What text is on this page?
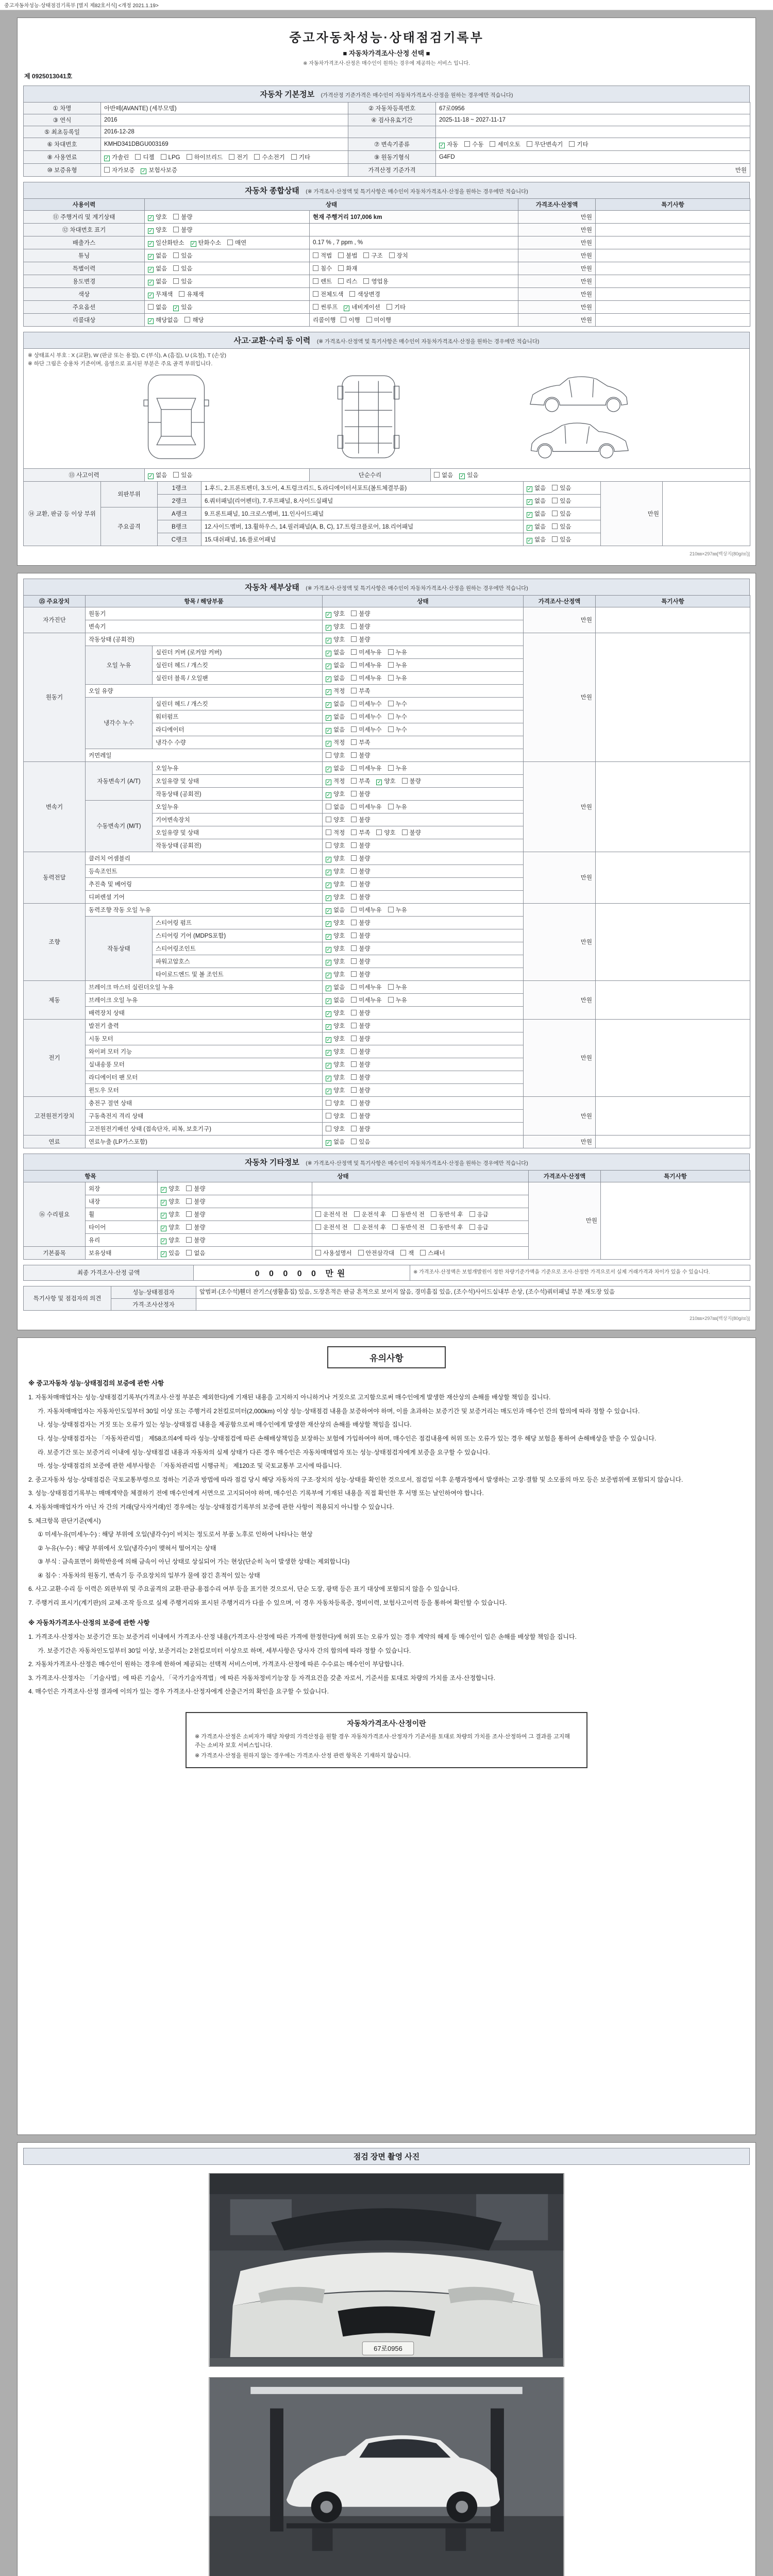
중고자동차성능·상태점검기록부 [별지 제82호서식] <개정 2021.1.19>
중고자동차성능·상태점검기록부
■ 자동차가격조사·산정 선택 ■
※ 자동차가격조사·산정은 매수인이 원하는 경우에 제공하는 서비스 입니다.
제 0925013041호
자동차 기본정보 (가격산정 기준가격은 매수인이 자동차가격조사·산정을 원하는 경우에만 적습니다)
① 차명	아반떼(AVANTE) (세부모델)	② 자동차등록번호	67로0956
③ 연식	2016	④ 검사유효기간	2025-11-18 ~ 2027-11-17
⑤ 최초등록일	2016-12-28		
⑥ 차대번호	KMHD341DBGU003169	⑦ 변속기종류	✓ 자동 수동 세미오토 무단변속기 기타
⑧ 사용연료	✓ 가솔린 디젤 LPG 하이브리드 전기 수소전기 기타	⑨ 원동기형식	G4FD
⑩ 보증유형	자가보증 ✓ 보험사보증	가격산정 기준가격	만원
자동차 종합상태 (※ 가격조사·산정액 및 특기사항은 매수인이 자동차가격조사·산정을 원하는 경우에만 적습니다)
사용이력	상태		가격조사·산정액	특기사항
⑪ 주행거리 및 계기상태	✓ 양호 불량	현재 주행거리 107,006 km	만원	
⑫ 차대번호 표기	✓ 양호 불량		만원	
배출가스	✓ 일산화탄소 ✓ 탄화수소 매연	0.17 % , 7 ppm , %	만원	
튜닝	✓ 없음 있음	적법 불법 구조 장치	만원	
특별이력	✓ 없음 있음	침수 화재	만원	
용도변경	✓ 없음 있음	렌트 리스 영업용	만원	
색상	✓ 무채색 유채색	전체도색 색상변경	만원	
주요옵션	없음 ✓ 있음	썬루프 ✓ 네비게이션 기타	만원	
리콜대상	✓ 해당없음 해당	리콜이행 이행 미이행	만원	
사고·교환·수리 등 이력 (※ 가격조사·산정액 및 특기사항은 매수인이 자동차가격조사·산정을 원하는 경우에만 적습니다)
※ 상태표시 부호 : X (교환), W (판금 또는 용접), C (부식), A (흠집), U (요철), T (손상)
※ 하단 그림은 승용차 기준이며, 음영으로 표시된 부분은 주요 골격 부위입니다.
⑬ 사고이력	✓ 없음 있음	단순수리	없음 ✓ 있음
⑭ 교환, 판금 등 이상 부위	외판부위	1랭크	1.후드, 2.프론트펜더, 3.도어, 4.트렁크리드, 5.라디에이터서포트(볼트체결부품)	✓ 없음 있음	만원	
		2랭크	6.쿼터패널(리어펜더), 7.루프패널, 8.사이드실패널	✓ 없음 있음		
	주요골격	A랭크	9.프론트패널, 10.크로스멤버, 11.인사이드패널	✓ 없음 있음		
		B랭크	12.사이드멤버, 13.휠하우스, 14.필러패널(A, B, C), 17.트렁크플로어, 18.리어패널	✓ 없음 있음		
		C랭크	15.대쉬패널, 16.플로어패널	✓ 없음 있음		
210㎜×297㎜[백상지(80g/㎡)]
자동차 세부상태 (※ 가격조사·산정액 및 특기사항은 매수인이 자동차가격조사·산정을 원하는 경우에만 적습니다)
⑮ 주요장치	항목 / 해당부품		상태	가격조사·산정액	특기사항
자가진단	원동기		✓ 양호 불량	만원	
	변속기		✓ 양호 불량		
원동기	작동상태 (공회전)		✓ 양호 불량	만원	
	오일 누유	실린더 커버 (로커암 커버)	✓ 없음 미세누유 누유		
		실린더 헤드 / 개스킷	✓ 없음 미세누유 누유		
		실린더 블록 / 오일팬	✓ 없음 미세누유 누유		
	오일 유량		✓ 적정 부족		
	냉각수 누수	실린더 헤드 / 개스킷	✓ 없음 미세누수 누수		
		워터펌프	✓ 없음 미세누수 누수		
		라디에이터	✓ 없음 미세누수 누수		
		냉각수 수량	✓ 적정 부족		
	커먼레일		양호 불량		
변속기	자동변속기 (A/T)	오일누유	✓ 없음 미세누유 누유	만원	
		오일유량 및 상태	✓ 적정 부족 ✓ 양호 불량		
		작동상태 (공회전)	✓ 양호 불량		
	수동변속기 (M/T)	오일누유	없음 미세누유 누유		
		기어변속장치	양호 불량		
		오일유량 및 상태	적정 부족 양호 불량		
		작동상태 (공회전)	양호 불량		
동력전달	클러치 어셈블리		✓ 양호 불량	만원	
	등속조인트		✓ 양호 불량		
	추진축 및 베어링		✓ 양호 불량		
	디퍼렌셜 기어		✓ 양호 불량		
조향	동력조향 작동 오일 누유		✓ 없음 미세누유 누유	만원	
	작동상태	스티어링 펌프	✓ 양호 불량		
		스티어링 기어 (MDPS포함)	✓ 양호 불량		
		스티어링조인트	✓ 양호 불량		
		파워고압호스	✓ 양호 불량		
		타이로드엔드 및 볼 조인트	✓ 양호 불량		
제동	브레이크 마스터 실린더오일 누유		✓ 없음 미세누유 누유	만원	
	브레이크 오일 누유		✓ 없음 미세누유 누유		
	배력장치 상태		✓ 양호 불량		
전기	발전기 출력		✓ 양호 불량	만원	
	시동 모터		✓ 양호 불량		
	와이퍼 모터 기능		✓ 양호 불량		
	실내송풍 모터		✓ 양호 불량		
	라디에이터 팬 모터		✓ 양호 불량		
	윈도우 모터		✓ 양호 불량		
고전원전기장치	충전구 절연 상태		양호 불량	만원	
	구동축전지 격리 상태		양호 불량		
	고전원전기배선 상태 (접속단자, 피복, 보호기구)		양호 불량		
연료	연료누출 (LP가스포함)		✓ 없음 있음	만원	
자동차 기타정보 (※ 가격조사·산정액 및 특기사항은 매수인이 자동차가격조사·산정을 원하는 경우에만 적습니다)
항목		상태		가격조사·산정액	특기사항
⑯ 수리필요	외장	✓ 양호 불량		만원	
	내장	✓ 양호 불량			
	휠	✓ 양호 불량	운전석 전 운전석 후 동반석 전 동반석 후 응급		
	타이어	✓ 양호 불량	운전석 전 운전석 후 동반석 전 동반석 후 응급		
	유리	✓ 양호 불량			
기본품목	보유상태	✓ 있음 없음	사용설명서 안전삼각대 잭 스패너		
최종 가격조사·산정 금액	0 0 0 0 0 만원	※ 가격조사·산정액은 보험개발원이 정한 차량기준가액을 기준으로 조사·산정한 가격으로서 실제 거래가격과 차이가 있을 수 있습니다.
특기사항 및 점검자의 의견	성능·상태점검자	앞범퍼·(조수석)휀더 잔기스(생활흠집) 있음, 도장흔적은 판금 흔적으로 보이지 않음, 경미흠집 있음, (조수석)사이드실내부 손상, (조수석)쿼터패널 부분 재도장 있음
	가격·조사산정자	
210㎜×297㎜[백상지(80g/㎡)]
유의사항
※ 중고자동차 성능·상태점검의 보증에 관한 사항
1. 자동차매매업자는 성능·상태점검기록부(가격조사·산정 부분은 제외한다)에 기재된 내용을 고지하지 아니하거나 거짓으로 고지함으로써 매수인에게 발생한 재산상의 손해를 배상할 책임을 집니다.
가. 자동차매매업자는 자동차인도일부터 30일 이상 또는 주행거리 2천킬로미터(2,000km) 이상 성능·상태점검 내용을 보증하여야 하며, 이를 초과하는 보증기간 및 보증거리는 매도인과 매수인 간의 합의에 따라 정할 수 있습니다.
나. 성능·상태점검자는 거짓 또는 오류가 있는 성능·상태점검 내용을 제공함으로써 매수인에게 발생한 재산상의 손해를 배상할 책임을 집니다.
다. 성능·상태점검자는 「자동차관리법」 제58조의4에 따라 성능·상태점검에 따른 손해배상책임을 보장하는 보험에 가입하여야 하며, 매수인은 점검내용에 허위 또는 오류가 있는 경우 해당 보험을 통하여 손해배상을 받을 수 있습니다.
라. 보증기간 또는 보증거리 이내에 성능·상태점검 내용과 자동차의 실제 상태가 다른 경우 매수인은 자동차매매업자 또는 성능·상태점검자에게 보증을 요구할 수 있습니다.
마. 성능·상태점검의 보증에 관한 세부사항은 「자동차관리법 시행규칙」 제120조 및 국토교통부 고시에 따릅니다.
2. 중고자동차 성능·상태점검은 국토교통부령으로 정하는 기준과 방법에 따라 점검 당시 해당 자동차의 구조·장치의 성능·상태를 확인한 것으로서, 점검일 이후 운행과정에서 발생하는 고장·결함 및 소모품의 마모 등은 보증범위에 포함되지 않습니다.
3. 성능·상태점검기록부는 매매계약을 체결하기 전에 매수인에게 서면으로 고지되어야 하며, 매수인은 기록부에 기재된 내용을 직접 확인한 후 서명 또는 날인하여야 합니다.
4. 자동차매매업자가 아닌 자 간의 거래(당사자거래)인 경우에는 성능·상태점검기록부의 보증에 관한 사항이 적용되지 아니할 수 있습니다.
5. 체크항목 판단기준(예시)
① 미세누유(미세누수) : 해당 부위에 오일(냉각수)이 비치는 정도로서 부품 노후로 인하여 나타나는 현상
② 누유(누수) : 해당 부위에서 오일(냉각수)이 맺혀서 떨어지는 상태
③ 부식 : 금속표면이 화학반응에 의해 금속이 아닌 상태로 상실되어 가는 현상(단순히 녹이 발생한 상태는 제외합니다)
④ 침수 : 자동차의 원동기, 변속기 등 주요장치의 일부가 물에 잠긴 흔적이 있는 상태
6. 사고·교환·수리 등 이력은 외판부위 및 주요골격의 교환·판금·용접수리 여부 등을 표기한 것으로서, 단순 도장, 광택 등은 표기 대상에 포함되지 않을 수 있습니다.
7. 주행거리 표시기(계기판)의 교체·조작 등으로 실제 주행거리와 표시된 주행거리가 다를 수 있으며, 이 경우 자동차등록증, 정비이력, 보험사고이력 등을 통하여 확인할 수 있습니다.
※ 자동차가격조사·산정의 보증에 관한 사항
1. 가격조사·산정자는 보증기간 또는 보증거리 이내에서 가격조사·산정 내용(가격조사·산정에 따른 가격에 한정한다)에 허위 또는 오류가 있는 경우 계약의 해제 등 매수인이 입은 손해를 배상할 책임을 집니다.
가. 보증기간은 자동차인도일부터 30일 이상, 보증거리는 2천킬로미터 이상으로 하며, 세부사항은 당사자 간의 합의에 따라 정할 수 있습니다.
2. 자동차가격조사·산정은 매수인이 원하는 경우에 한하여 제공되는 선택적 서비스이며, 가격조사·산정에 따른 수수료는 매수인이 부담합니다.
3. 가격조사·산정자는 「기술사법」에 따른 기술사, 「국가기술자격법」에 따른 자동차정비기능장 등 자격요건을 갖춘 자로서, 기준서를 토대로 차량의 가치를 조사·산정합니다.
4. 매수인은 가격조사·산정 결과에 이의가 있는 경우 가격조사·산정자에게 산출근거의 확인을 요구할 수 있습니다.
자동차가격조사·산정이란
※ 가격조사·산정은 소비자가 해당 차량의 가격산정을 원할 경우 자동차가격조사·산정자가 기준서를 토대로 차량의 가치를 조사·산정하여 그 결과를 고지해 주는 소비자 보호 서비스입니다.
※ 가격조사·산정을 원하지 않는 경우에는 가격조사·산정 관련 항목은 기재하지 않습니다.
점검 장면 촬영 사진
67로0956
